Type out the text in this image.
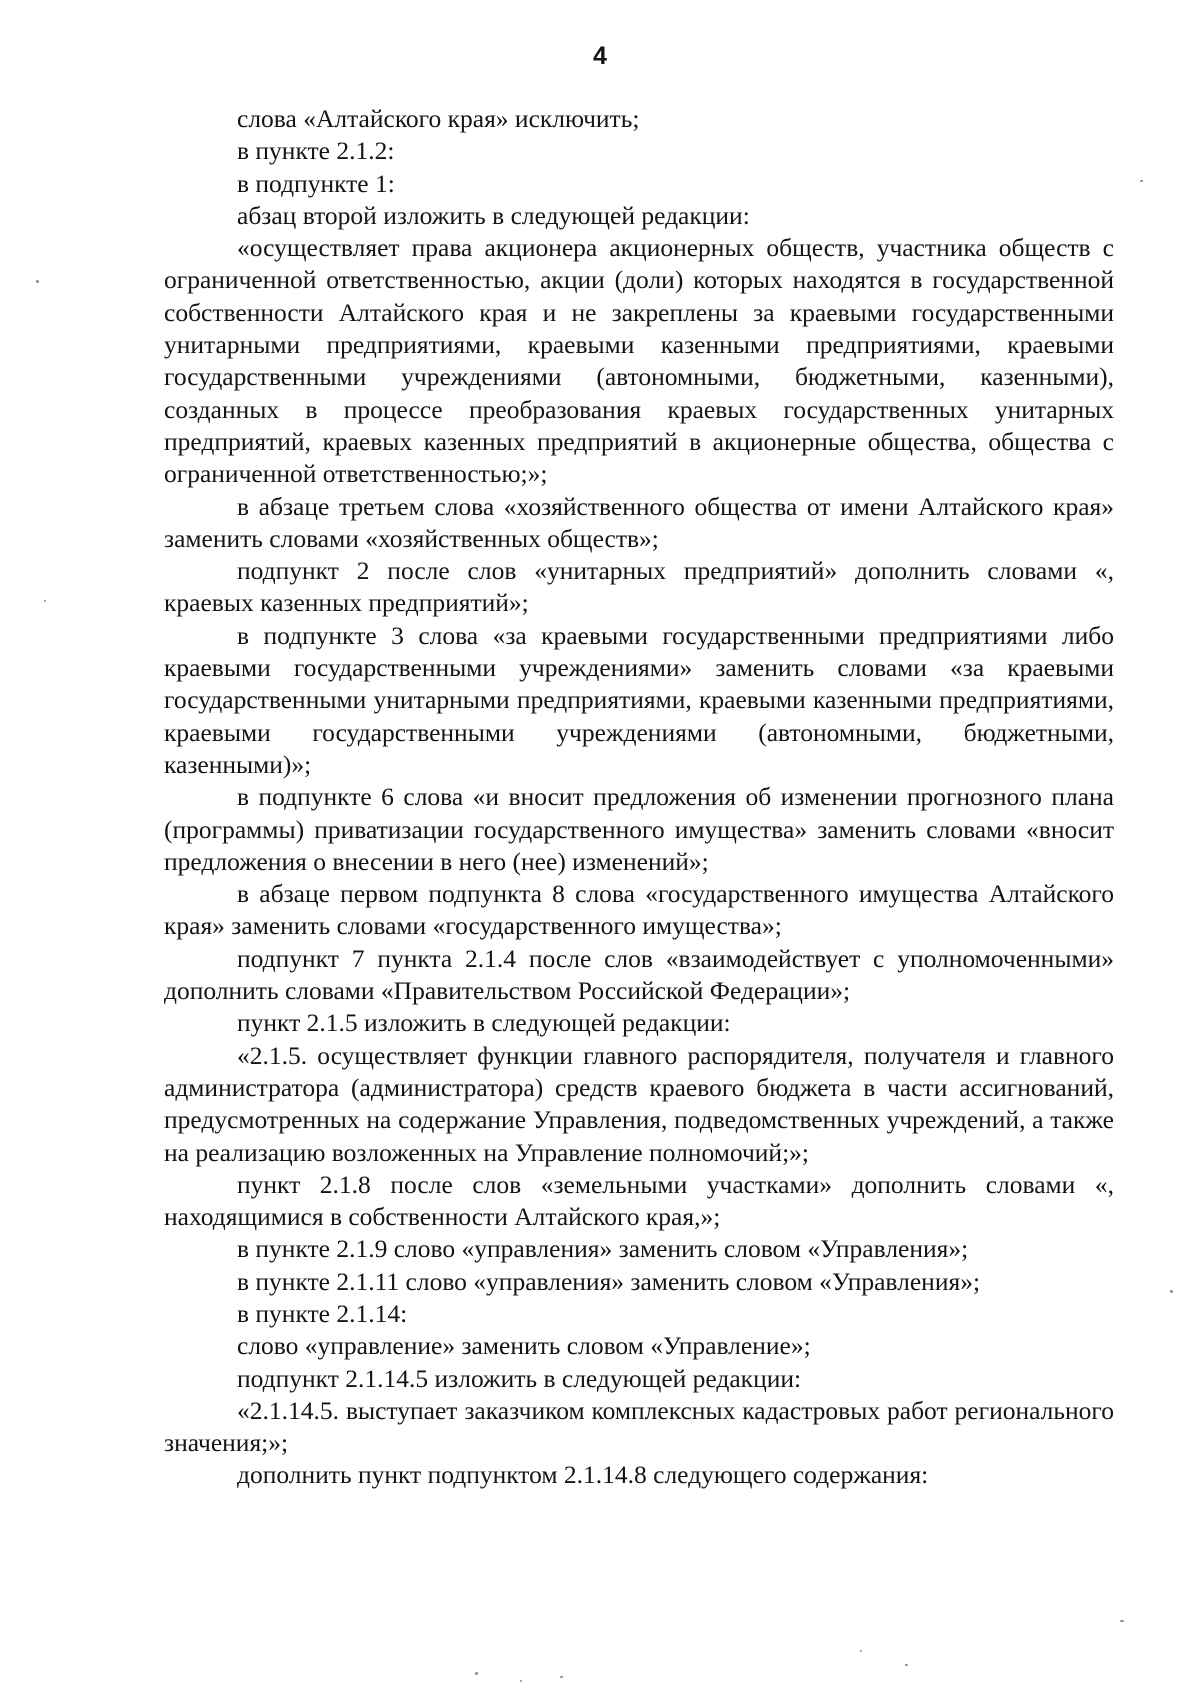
4

слова «Алтайского края» исключить;

в пункте 2.1.2:

в подпункте 1:

абзац второй изложить в следующей редакции:

«осуществляет права акционера акционерных обществ, участника обществ с ограниченной ответственностью, акции (доли) которых находятся в государственной собственности Алтайского края и не закреплены за краевыми государственными унитарными предприятиями, краевыми казенными предприятиями, краевыми государственными учреждениями (автономными, бюджетными, казенными), созданных в процессе преобразования краевых государственных унитарных предприятий, краевых казенных предприятий в акционерные общества, общества с ограниченной ответственностью;»;

в абзаце третьем слова «хозяйственного общества от имени Алтайского края» заменить словами «хозяйственных обществ»;

подпункт 2 после слов «унитарных предприятий» дополнить словами «, краевых казенных предприятий»;

в подпункте 3 слова «за краевыми государственными предприятиями либо краевыми государственными учреждениями» заменить словами «за краевыми государственными унитарными предприятиями, краевыми казенными предприятиями, краевыми государственными учреждениями (автономными, бюджетными, казенными)»;

в подпункте 6 слова «и вносит предложения об изменении прогнозного плана (программы) приватизации государственного имущества» заменить словами «вносит предложения о внесении в него (нее) изменений»;

в абзаце первом подпункта 8 слова «государственного имущества Алтайского края» заменить словами «государственного имущества»;

подпункт 7 пункта 2.1.4 после слов «взаимодействует с уполномоченными» дополнить словами «Правительством Российской Федерации»;

пункт 2.1.5 изложить в следующей редакции:

«2.1.5. осуществляет функции главного распорядителя, получателя и главного администратора (администратора) средств краевого бюджета в части ассигнований, предусмотренных на содержание Управления, подведомственных учреждений, а также на реализацию возложенных на Управление полномочий;»;

пункт 2.1.8 после слов «земельными участками» дополнить словами «, находящимися в собственности Алтайского края,»;

в пункте 2.1.9 слово «управления» заменить словом «Управления»;

в пункте 2.1.11 слово «управления» заменить словом «Управления»;

в пункте 2.1.14:

слово «управление» заменить словом «Управление»;

подпункт 2.1.14.5 изложить в следующей редакции:

«2.1.14.5. выступает заказчиком комплексных кадастровых работ регионального значения;»;

дополнить пункт подпунктом 2.1.14.8 следующего содержания:
